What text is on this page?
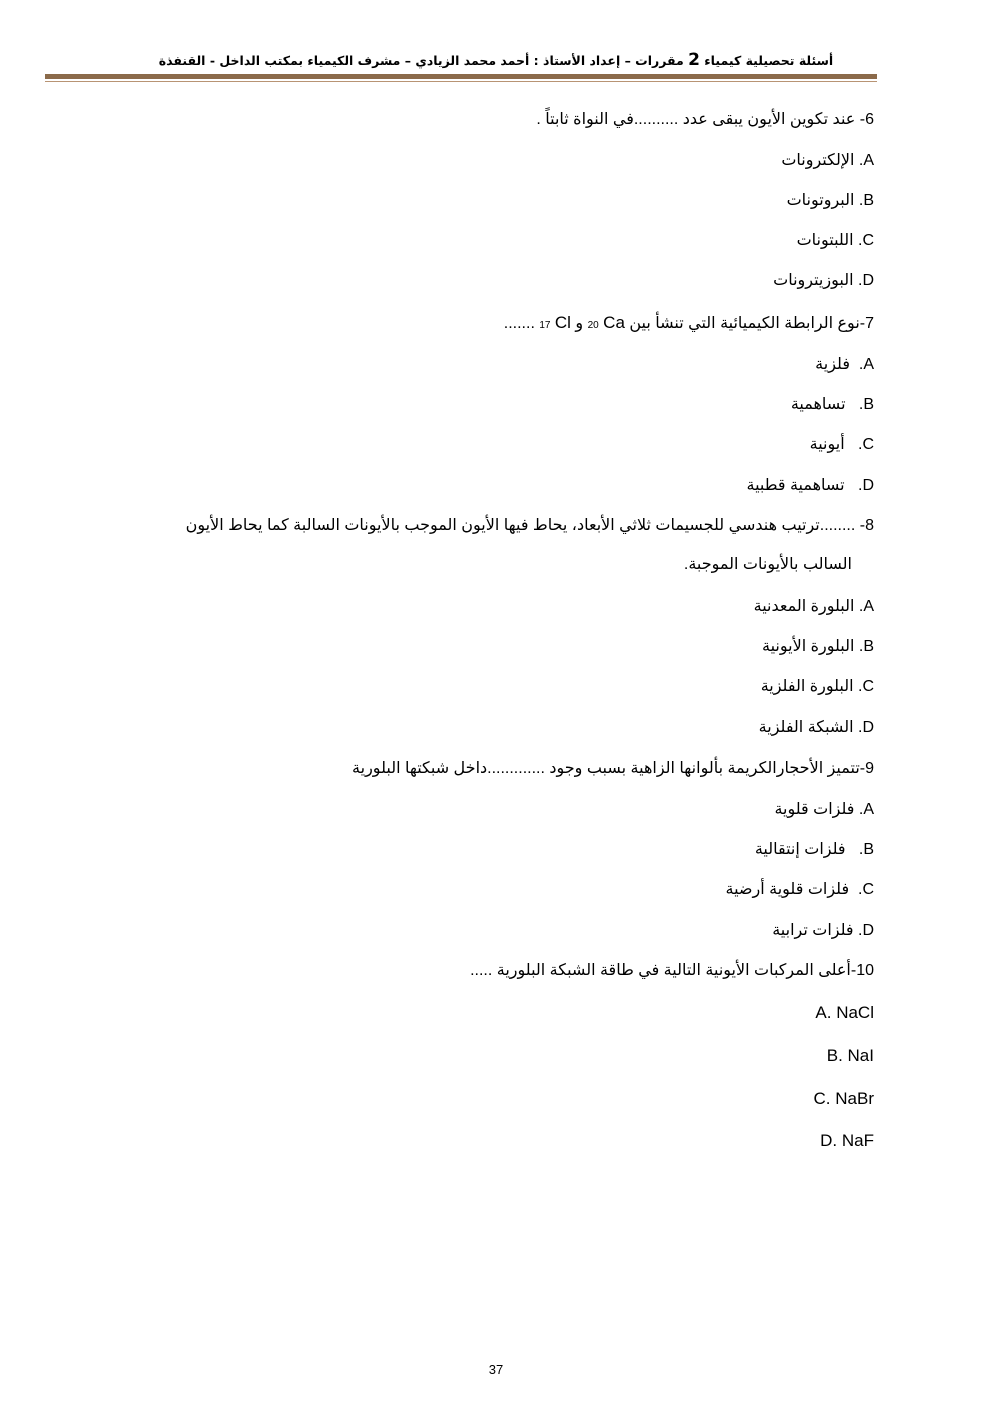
أسئلة تحصيلية كيمياء 2 مقررات – إعداد الأستاذ : أحمد محمد الزيادي – مشرف الكيمياء بمكتب الداخل - القنفذة
6- عند تكوين الأيون يبقى عدد ..........في النواة ثابتاً .
A. الإلكترونات
B. البروتونات
C. اللبتونات
D. البوزيترونات
7-نوع الرابطة الكيميائية التي تنشأ بين 20 Ca و 17 Cl .......
A.  فلزية
B.   تساهمية
C.   أيونية
D.   تساهمية قطبية
8- ........ترتيب هندسي للجسيمات ثلاثي الأبعاد، يحاط فيها الأيون الموجب بالأيونات السالبة كما يحاط الأيون
السالب بالأيونات الموجبة.
A. البلورة المعدنية
B. البلورة الأيونية
C. البلورة الفلزية
D. الشبكة الفلزية
9-تتميز الأحجارالكريمة بألوانها الزاهية بسبب وجود .............داخل شبكتها البلورية
A. فلزات قلوية
B.   فلزات إنتقالية
C.  فلزات قلوية أرضية
D. فلزات ترابية
10-أعلى المركبات الأيونية التالية في طاقة الشبكة البلورية .....
A. NaCl
B. NaI
C. NaBr
D. NaF
37
